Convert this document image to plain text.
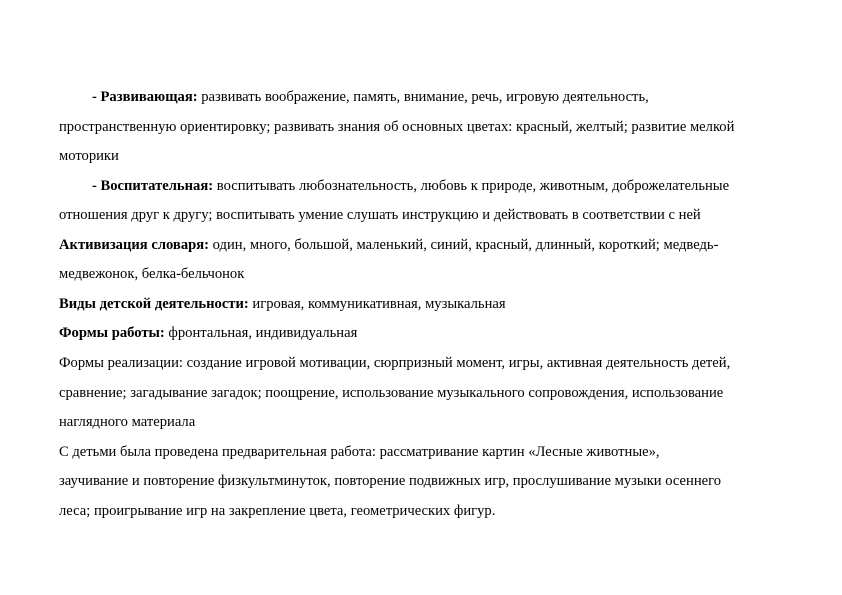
- Развивающая: развивать воображение, память, внимание, речь, игровую деятельность,
пространственную ориентировку; развивать знания об основных цветах: красный, желтый; развитие мелкой
моторики
- Воспитательная: воспитывать любознательность, любовь к природе, животным, доброжелательные
отношения друг к другу; воспитывать умение слушать инструкцию и действовать в соответствии с ней
Активизация словаря: один, много, большой, маленький, синий, красный, длинный, короткий; медведь-
медвежонок, белка-бельчонок
Виды детской деятельности: игровая, коммуникативная, музыкальная
Формы работы: фронтальная, индивидуальная
Формы реализации: создание игровой мотивации, сюрпризный момент, игры, активная деятельность детей,
сравнение; загадывание загадок; поощрение, использование музыкального сопровождения, использование
наглядного материала
С детьми была проведена предварительная работа: рассматривание картин «Лесные животные»,
заучивание и повторение физкультминуток, повторение подвижных игр, прослушивание музыки осеннего
леса; проигрывание игр на закрепление цвета, геометрических фигур.
